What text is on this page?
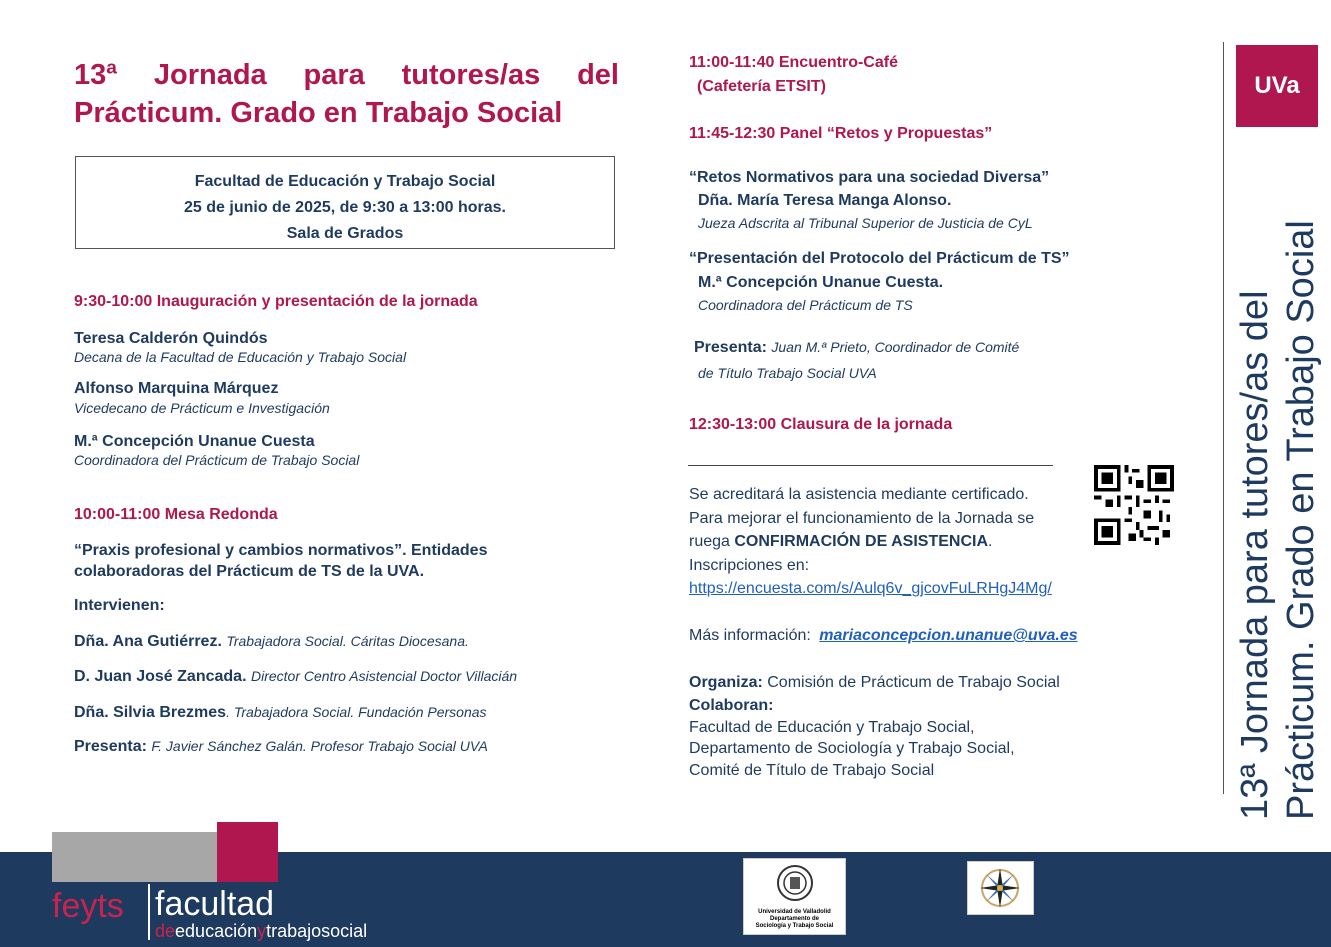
13ª Jornada para tutores/as del Prácticum. Grado en Trabajo Social
Facultad de Educación y Trabajo Social
25 de junio de 2025, de 9:30 a 13:00 horas.
Sala de Grados
9:30-10:00 Inauguración y presentación de la jornada
Teresa Calderón Quindós
Decana de la Facultad de Educación y Trabajo Social
Alfonso Marquina Márquez
Vicedecano de Prácticum e Investigación
M.ª Concepción Unanue Cuesta
Coordinadora del Prácticum de Trabajo Social
10:00-11:00 Mesa Redonda
“Praxis profesional y cambios normativos”. Entidades
colaboradoras del Prácticum de TS de la UVA.
Intervienen:
Dña. Ana Gutiérrez. Trabajadora Social. Cáritas Diocesana.
D. Juan José Zancada. Director Centro Asistencial Doctor Villacián
Dña. Silvia Brezmes. Trabajadora Social. Fundación Personas
Presenta: F. Javier Sánchez Galán. Profesor Trabajo Social UVA
11:00-11:40 Encuentro-Café
(Cafetería ETSIT)
11:45-12:30 Panel “Retos y Propuestas”
“Retos Normativos para una sociedad Diversa”
Dña. María Teresa Manga Alonso.
Jueza Adscrita al Tribunal Superior de Justicia de CyL
“Presentación del Protocolo del Prácticum de TS”
M.ª Concepción Unanue Cuesta.
Coordinadora del Prácticum de TS
Presenta: Juan M.ª Prieto, Coordinador de Comité
de Título Trabajo Social UVA
12:30-13:00 Clausura de la jornada
Se acreditará la asistencia mediante certificado.
Para mejorar el funcionamiento de la Jornada se
ruega CONFIRMACIÓN DE ASISTENCIA.
Inscripciones en:
https://encuesta.com/s/Aulq6v_gjcovFuLRHgJ4Mg/
Más información: mariaconcepcion.unanue@uva.es
Organiza: Comisión de Prácticum de Trabajo Social
Colaboran:
Facultad de Educación y Trabajo Social,
Departamento de Sociología y Trabajo Social,
Comité de Título de Trabajo Social
UVa
13ª Jornada para tutores/as del Prácticum. Grado en Trabajo Social
feyts facultad
deeducaciónytrabajosocial
Universidad de Valladolid
Departamento de
Sociología y Trabajo Social
